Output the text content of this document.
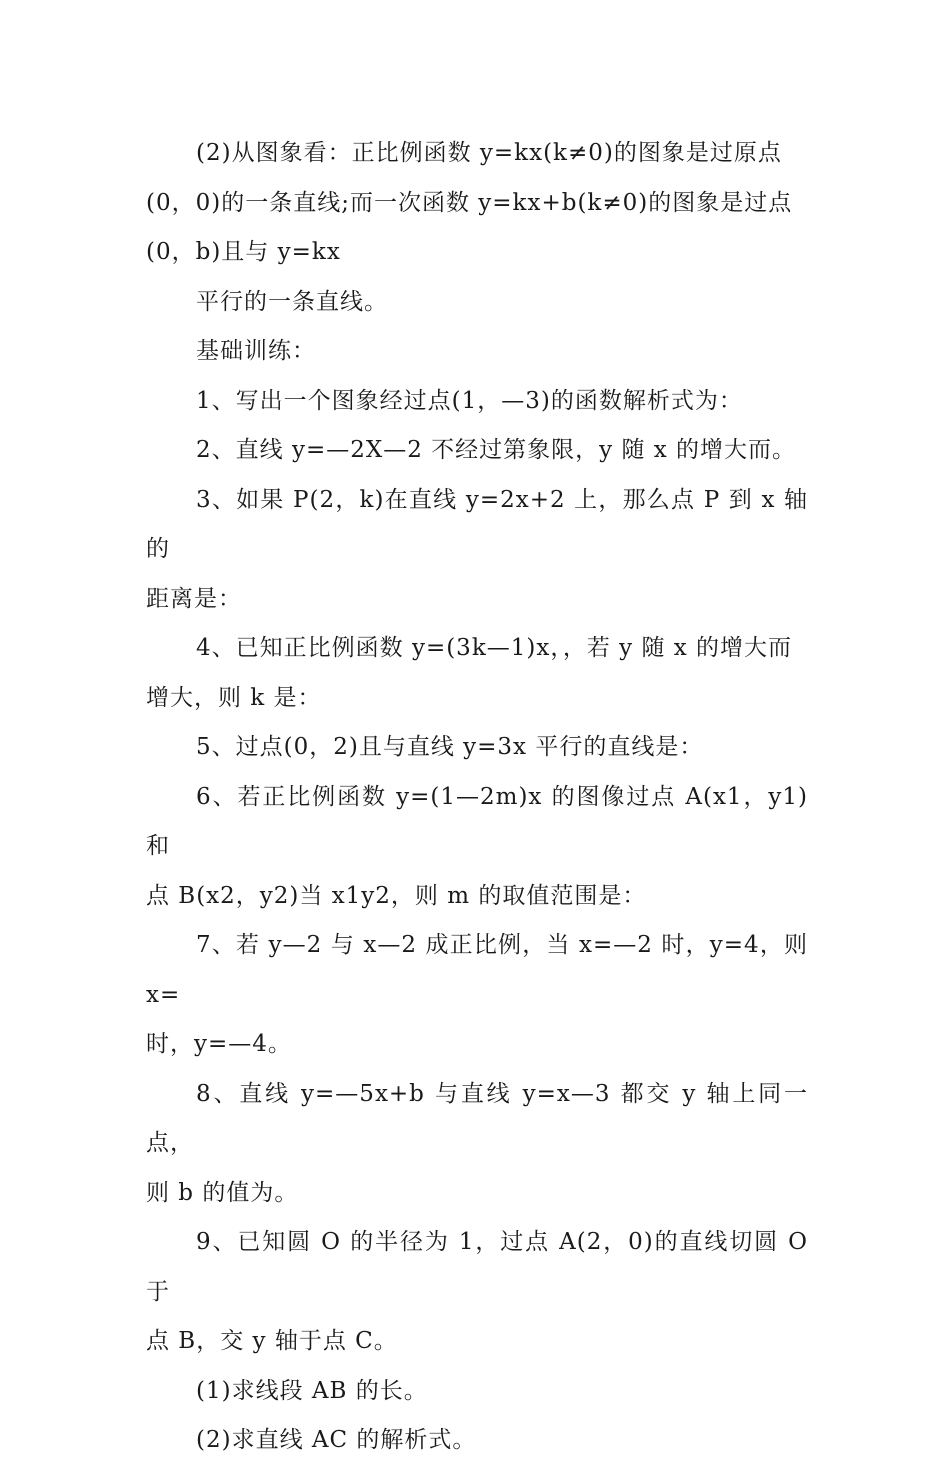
(2)从图象看：正比例函数 y=kx(k≠0)的图象是过原点
(0，0)的一条直线;而一次函数 y=kx+b(k≠0)的图象是过点
(0，b)且与 y=kx

平行的一条直线。

基础训练：

1、写出一个图象经过点(1，—3)的函数解析式为：

2、直线 y=—2X—2 不经过第象限，y 随 x 的增大而。

3、如果 P(2，k)在直线 y=2x+2 上，那么点 P 到 x 轴的
距离是：

4、已知正比例函数 y=(3k—1)x，，若 y 随 x 的增大而
增大，则 k 是：

5、过点(0，2)且与直线 y=3x 平行的直线是：

6、若正比例函数 y=(1—2m)x 的图像过点 A(x1，y1)和
点 B(x2，y2)当 x1y2，则 m 的取值范围是：

7、若 y—2 与 x—2 成正比例，当 x=—2 时，y=4，则 x=
时，y=—4。

8、直线 y=—5x+b 与直线 y=x—3 都交 y 轴上同一点，
则 b 的值为。

9、已知圆 O 的半径为 1，过点 A(2，0)的直线切圆 O 于
点 B，交 y 轴于点 C。

(1)求线段 AB 的长。

(2)求直线 AC 的解析式。
